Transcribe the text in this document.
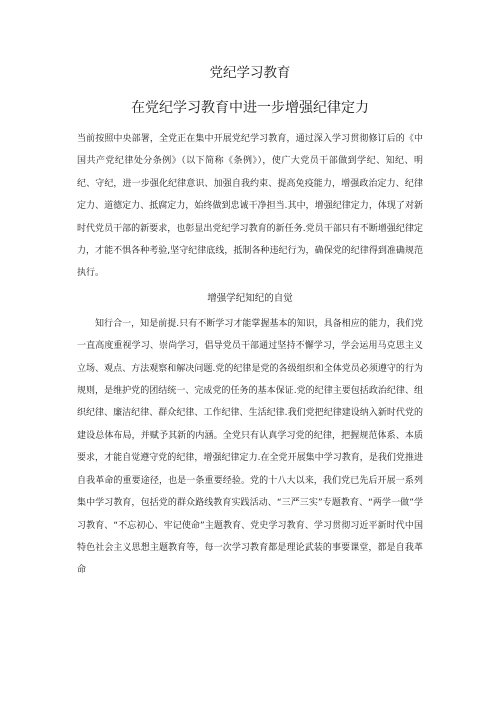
党纪学习教育
在党纪学习教育中进一步增强纪律定力

当前按照中央部署，全党正在集中开展党纪学习教育，通过深入学习贯彻修订后的《中国共产党纪律处分条例》（以下简称《条例》），使广大党员干部做到学纪、知纪、明纪、守纪，进一步强化纪律意识、加强自我约束、提高免疫能力，增强政治定力、纪律定力、道德定力、抵腐定力，始终做到忠诚干净担当.其中，增强纪律定力，体现了对新时代党员干部的新要求，也彰显出党纪学习教育的新任务.党员干部只有不断增强纪律定力，才能不惧各种考验,坚守纪律底线，抵制各种违纪行为，确保党的纪律得到准确规范执行。

增强学纪知纪的自觉

知行合一，知是前提.只有不断学习才能掌握基本的知识，具备相应的能力，我们党一直高度重视学习、崇尚学习，倡导党员干部通过坚持不懈学习，学会运用马克思主义立场、观点、方法观察和解决问题.党的纪律是党的各级组织和全体党员必须遵守的行为规则，是维护党的团结统一、完成党的任务的基本保证.党的纪律主要包括政治纪律、组织纪律、廉洁纪律、群众纪律、工作纪律、生活纪律.我们党把纪律建设纳入新时代党的建设总体布局，并赋予其新的内涵。全党只有认真学习党的纪律，把握规范体系、本质要求，才能自觉遵守党的纪律，增强纪律定力.在全党开展集中学习教育，是我们党推进自我革命的重要途径，也是一条重要经验。党的十八大以来，我们党已先后开展一系列集中学习教育，包括党的群众路线教育实践活动、“三严三实”专题教育、“两学一做”学习教育、“不忘初心、牢记使命”主题教育、党史学习教育、学习贯彻习近平新时代中国特色社会主义思想主题教育等，每一次学习教育都是理论武装的事要课堂，都是自我革命
